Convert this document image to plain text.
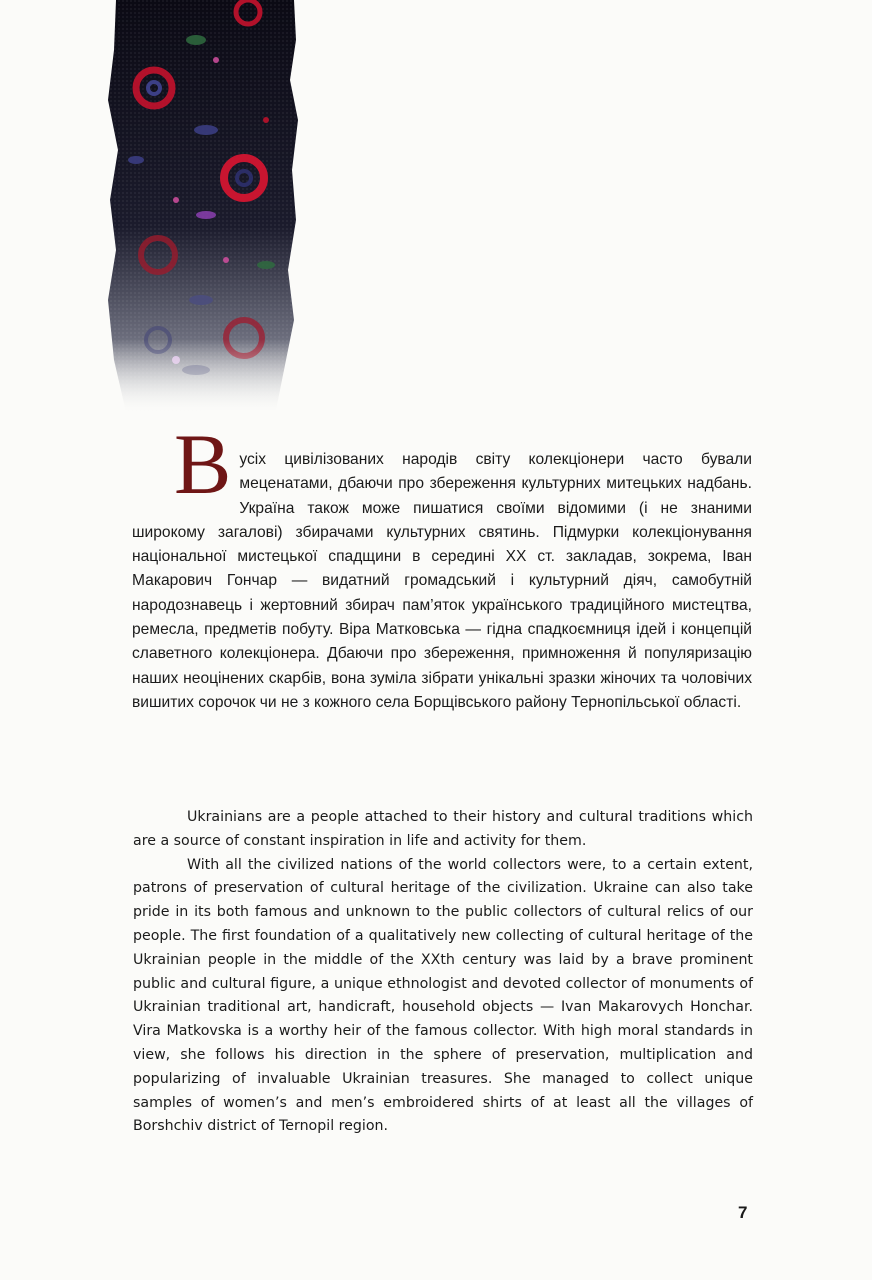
Вусіх цивілізованих народів світу колекціонери часто бували меценатами, дбаючи про збереження культурних митецьких надбань. Україна також може пишатися своїми відомими (і не знаними широкому загалові) збирачами культурних святинь. Підмурки колекціонування національної мистецької спадщини в середині ХХ ст. закладав, зокрема, Іван Макарович Гончар — видатний громадський і культурний діяч, самобутній народознавець і жертовний збирач пам’яток українського традиційного мистецтва, ремесла, предметів побуту. Віра Матковська — гідна спадкоємниця ідей і концепцій славетного колекціонера. Дбаючи про збереження, примноження й популяризацію наших неоцінених скарбів, вона зуміла зібрати унікальні зразки жіночих та чоловічих вишитих сорочок чи не з кожного села Борщівського району Тернопільської області.

Ukrainians are a people attached to their history and cultural traditions which are a source of constant inspiration in life and activity for them.

With all the civilized nations of the world collectors were, to a certain extent, patrons of preservation of cultural heritage of the civilization. Ukraine can also take pride in its both famous and unknown to the public collectors of cultural relics of our people. The first foundation of a qualitatively new collecting of cultural heritage of the Ukrainian people in the middle of the XXth century was laid by a brave prominent public and cultural figure, a unique ethnologist and devoted collector of monuments of Ukrainian traditional art, handicraft, household objects — Ivan Makarovych Honchar. Vira Matkovska is a worthy heir of the famous collector. With high moral standards in view, she follows his direction in the sphere of preservation, multiplication and popularizing of invaluable Ukrainian treasures. She managed to collect unique samples of women’s and men’s embroidered shirts of at least all the villages of Borshchiv district of Ternopil region.

7
